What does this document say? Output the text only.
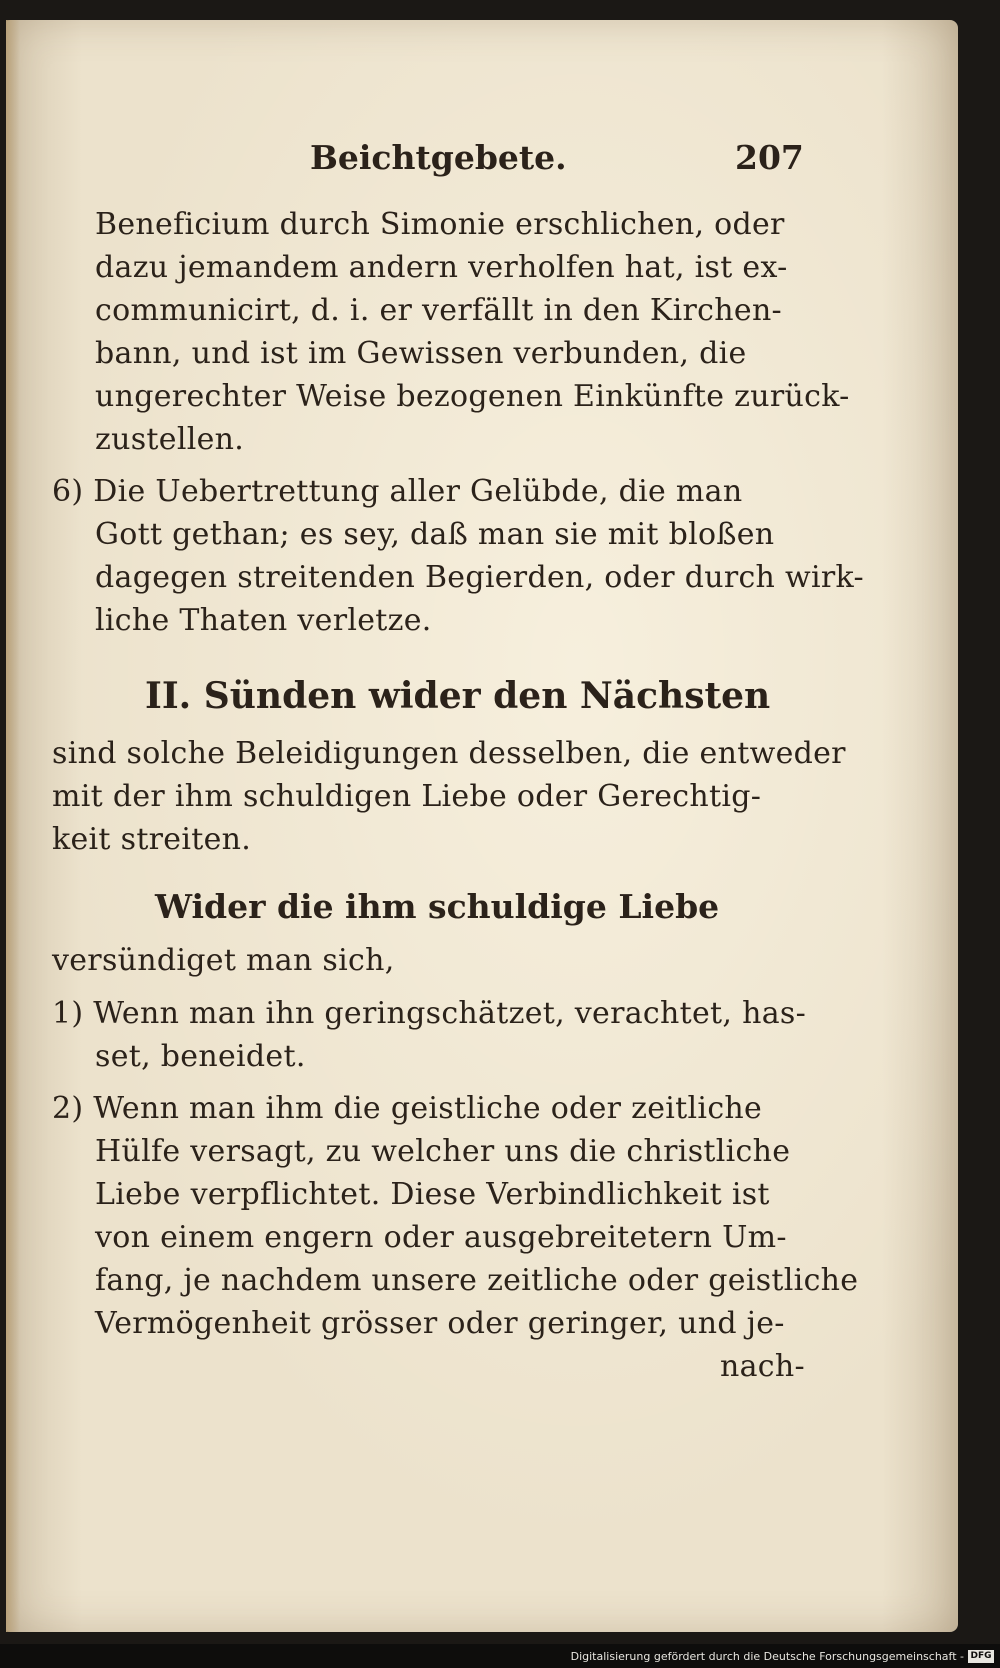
Beichtgebete.	207
Beneficium durch Simonie erschlichen, oder
dazu jemandem andern verholfen hat, ist ex-
communicirt, d. i. er verfällt in den Kirchen-
bann, und ist im Gewissen verbunden, die
ungerechter Weise bezogenen Einkünfte zurück-
zustellen.
6) Die Uebertrettung aller Gelübde, die man
Gott gethan; es sey, daß man sie mit bloßen
dagegen streitenden Begierden, oder durch wirk-
liche Thaten verletze.
II. Sünden wider den Nächsten
sind solche Beleidigungen desselben, die entweder
mit der ihm schuldigen Liebe oder Gerechtig-
keit streiten.
Wider die ihm schuldige Liebe
versündiget man sich,
1) Wenn man ihn geringschätzet, verachtet, has-
set, beneidet.
2) Wenn man ihm die geistliche oder zeitliche
Hülfe versagt, zu welcher uns die christliche
Liebe verpflichtet. Diese Verbindlichkeit ist
von einem engern oder ausgebreitetern Um-
fang, je nachdem unsere zeitliche oder geistliche
Vermögenheit grösser oder geringer, und je-
nach-
Digitalisierung gefördert durch die Deutsche Forschungsgemeinschaft - DFG
